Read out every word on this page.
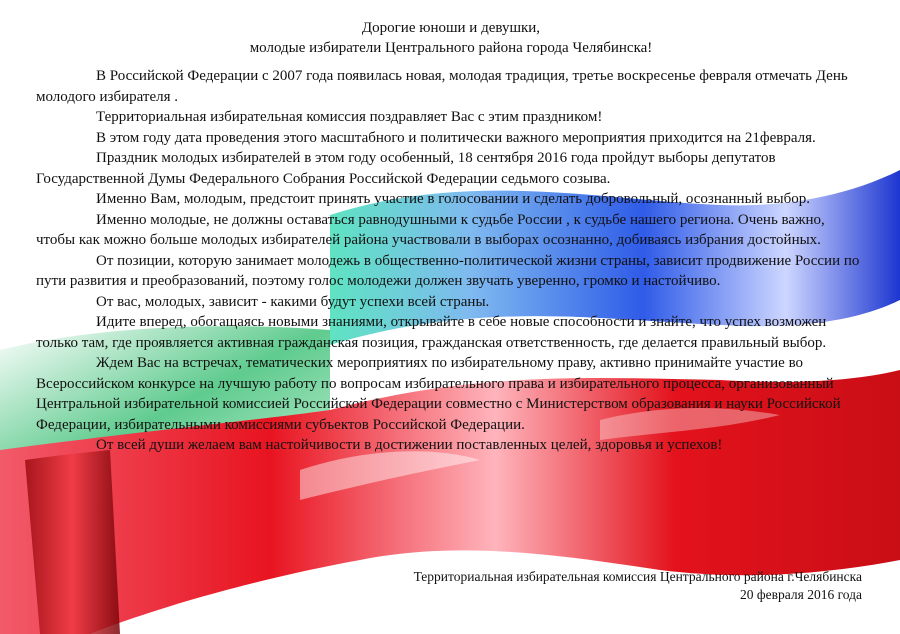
Дорогие юноши и девушки,
молодые избиратели Центрального района города Челябинска!

В Российской Федерации с 2007 года появилась новая, молодая традиция, третье воскресенье февраля отмечать День молодого избирателя .

Территориальная избирательная комиссия поздравляет Вас с этим праздником!

В этом году дата проведения этого масштабного и политически важного мероприятия приходится на 21февраля.

Праздник молодых избирателей в этом году особенный, 18 сентября 2016 года пройдут выборы депутатов Государственной Думы Федерального Собрания Российской Федерации седьмого созыва.

Именно Вам, молодым, предстоит принять участие в голосовании и сделать добровольный, осознанный выбор.

Именно молодые, не должны оставаться равнодушными к судьбе России , к судьбе нашего региона. Очень важно, чтобы как можно больше молодых избирателей района участвовали в выборах осознанно, добиваясь избрания достойных.

От позиции, которую занимает молодежь в общественно-политической жизни страны, зависит продвижение России по пути развития и преобразований, поэтому голос молодежи должен звучать уверенно, громко и настойчиво.

От вас, молодых, зависит - какими будут успехи всей страны.

Идите вперед, обогащаясь новыми знаниями, открывайте в себе новые способности и знайте, что успех возможен только там, где проявляется активная гражданская позиция, гражданская ответственность, где делается правильный выбор.

Ждем Вас на встречах, тематических мероприятиях по избирательному праву, активно принимайте участие во Всероссийском конкурсе на лучшую работу по вопросам избирательного права и избирательного процесса, организованный Центральной избирательной комиссией Российской Федерации совместно с Министерством образования и науки Российской Федерации, избирательными комиссиями субъектов Российской Федерации.

От всей души желаем вам настойчивости в достижении поставленных целей, здоровья и успехов!

Территориальная избирательная комиссия Центрального района г.Челябинска
20 февраля 2016 года
